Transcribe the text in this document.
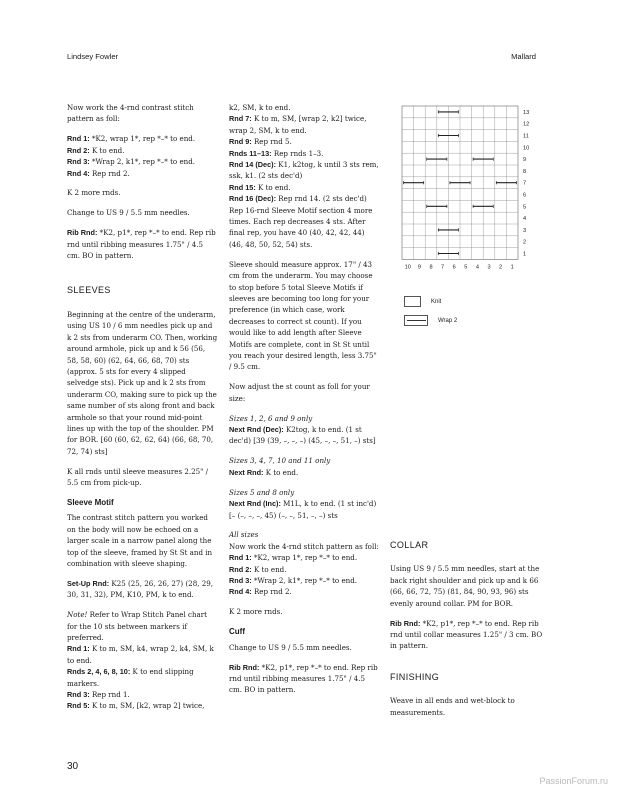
Lindsey Fowler	Mallard

Now work the 4-rnd contrast stitch pattern as foll:

Rnd 1: *K2, wrap 1*, rep *–* to end.
Rnd 2: K to end.
Rnd 3: *Wrap 2, k1*, rep *–* to end.
Rnd 4: Rep rnd 2.

K 2 more rnds.

Change to US 9 / 5.5 mm needles.

Rib Rnd: *K2, p1*, rep *–* to end. Rep rib rnd until ribbing measures 1.75" / 4.5 cm. BO in pattern.

SLEEVES

Beginning at the centre of the underarm, using US 10 / 6 mm needles pick up and k 2 sts from underarm CO. Then, working around armhole, pick up and k 56 (56, 58, 58, 60) (62, 64, 66, 68, 70) sts (approx. 5 sts for every 4 slipped selvedge sts). Pick up and k 2 sts from underarm CO, making sure to pick up the same number of sts along front and back armhole so that your round mid-point lines up with the top of the shoulder. PM for BOR. [60 (60, 62, 62, 64) (66, 68, 70, 72, 74) sts]

K all rnds until sleeve measures 2.25" / 5.5 cm from pick-up.

Sleeve Motif

The contrast stitch pattern you worked on the body will now be echoed on a larger scale in a narrow panel along the top of the sleeve, framed by St St and in combination with sleeve shaping.

Set-Up Rnd: K25 (25, 26, 26, 27) (28, 29, 30, 31, 32), PM, K10, PM, k to end.

Note! Refer to Wrap Stitch Panel chart for the 10 sts between markers if preferred.
Rnd 1: K to m, SM, k4, wrap 2, k4, SM, k to end.
Rnds 2, 4, 6, 8, 10: K to end slipping markers.
Rnd 3: Rep rnd 1.
Rnd 5: K to m, SM, [k2, wrap 2] twice,
k2, SM, k to end.
Rnd 7: K to m, SM, [wrap 2, k2] twice, wrap 2, SM, k to end.
Rnd 9: Rep rnd 5.
Rnds 11–13: Rep rnds 1–3.
Rnd 14 (Dec): K1, k2tog, k until 3 sts rem, ssk, k1. (2 sts dec'd)
Rnd 15: K to end.
Rnd 16 (Dec): Rep rnd 14. (2 sts dec'd)
Rep 16-rnd Sleeve Motif section 4 more times. Each rep decreases 4 sts. After final rep, you have 40 (40, 42, 42, 44) (46, 48, 50, 52, 54) sts.

Sleeve should measure approx. 17" / 43 cm from the underarm. You may choose to stop before 5 total Sleeve Motifs if sleeves are becoming too long for your preference (in which case, work decreases to correct st count). If you would like to add length after Sleeve Motifs are complete, cont in St St until you reach your desired length, less 3.75" / 9.5 cm.

Now adjust the st count as foll for your size:

Sizes 1, 2, 6 and 9 only
Next Rnd (Dec): K2tog, k to end. (1 st dec'd) [39 (39, –, –, –) (45, –, –, 51, –) sts]
Sizes 3, 4, 7, 10 and 11 only
Next Rnd: K to end.
Sizes 5 and 8 only
Next Rnd (Inc): M1L, k to end. (1 st inc'd) [– (–, –, –, 45) (–, –, 51, –, –) sts
All sizes
Now work the 4-rnd stitch pattern as foll:
Rnd 1: *K2, wrap 1*, rep *–* to end.
Rnd 2: K to end.
Rnd 3: *Wrap 2, k1*, rep *–* to end.
Rnd 4: Rep rnd 2.

K 2 more rnds.

Cuff

Change to US 9 / 5.5 mm needles.

Rib Rnd: *K2, p1*, rep *–* to end. Rep rib rnd until ribbing measures 1.75" / 4.5 cm. BO in pattern.

1
2
3
4
5
6
7
8
9
10
11
12
13
10 9 8 7 6 5 4 3 2 1
Knit
Wrap 2
COLLAR

Using US 9 / 5.5 mm needles, start at the back right shoulder and pick up and k 66 (66, 66, 72, 75) (81, 84, 90, 93, 96) sts evenly around collar. PM for BOR.

Rib Rnd: *K2, p1*, rep *–* to end. Rep rib rnd until collar measures 1.25" / 3 cm. BO in pattern.

FINISHING

Weave in all ends and wet-block to measurements.

30
PassionForum.ru
